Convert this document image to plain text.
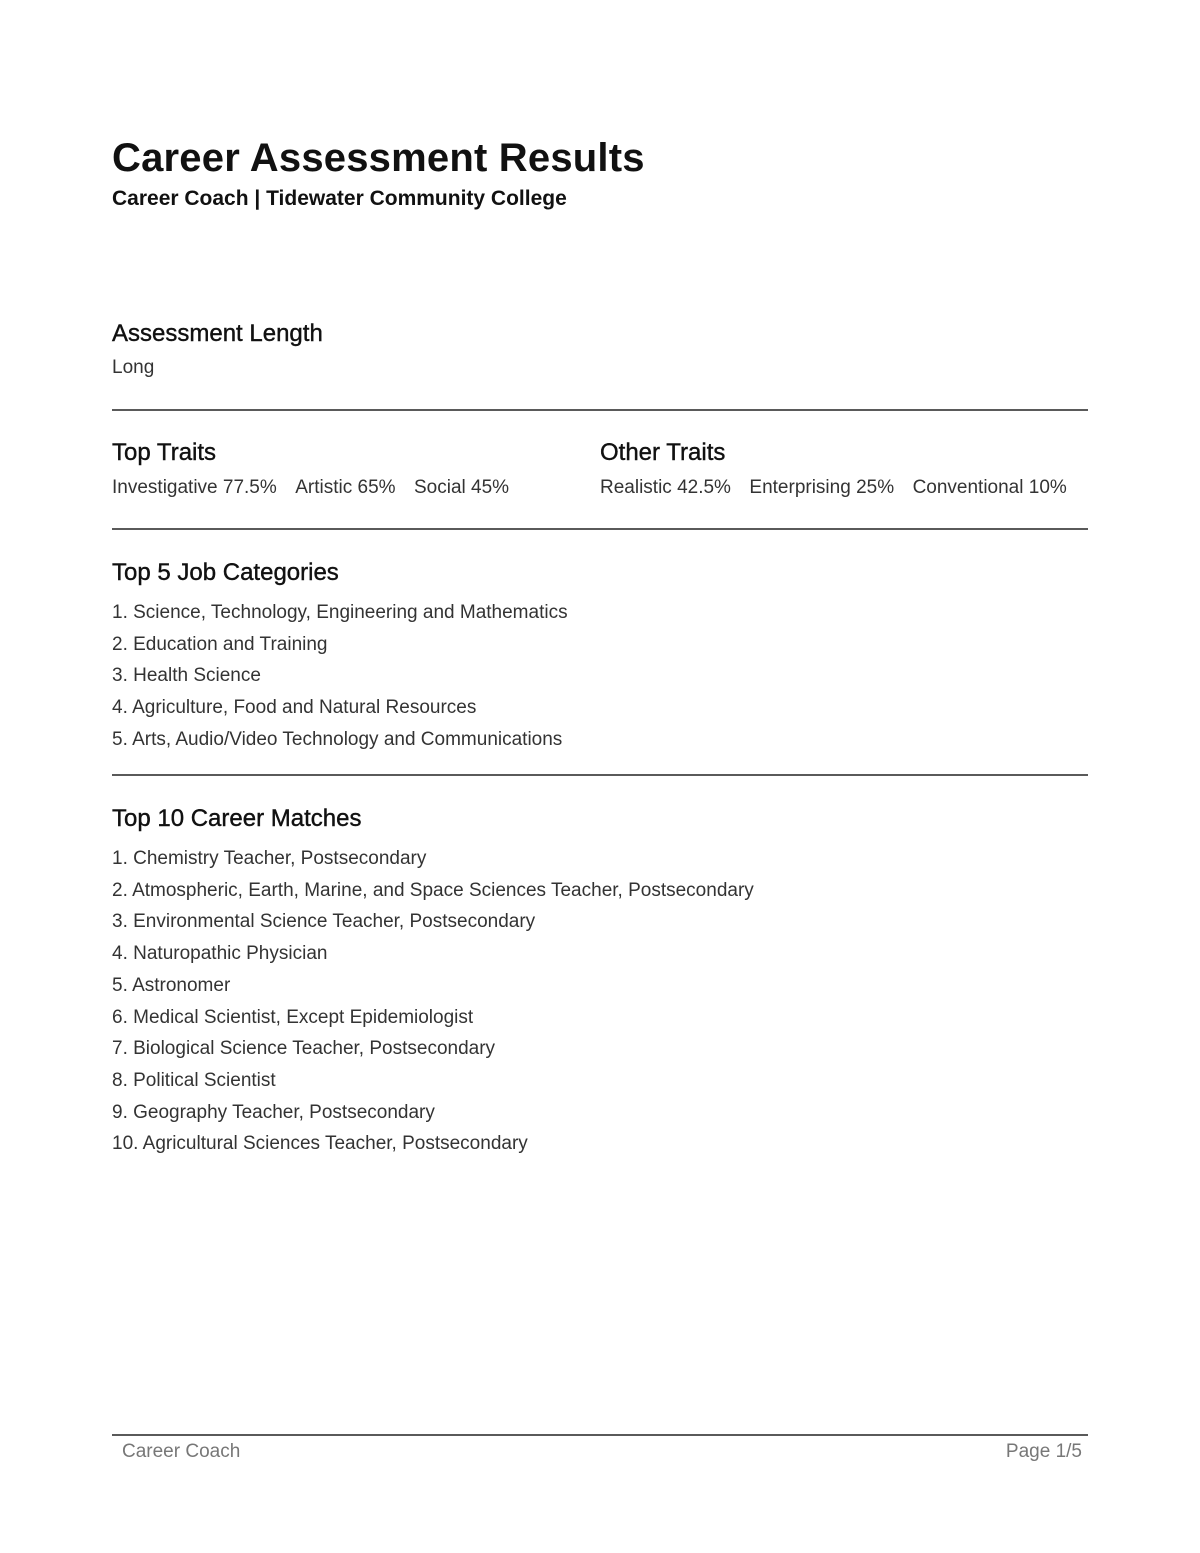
Career Assessment Results

Career Coach | Tidewater Community College

Assessment Length

Long

Top Traits
Investigative 77.5% Artistic 65% Social 45%
Other Traits
Realistic 42.5% Enterprising 25% Conventional 10%
Top 5 Job Categories
1. Science, Technology, Engineering and Mathematics
2. Education and Training
3. Health Science
4. Agriculture, Food and Natural Resources
5. Arts, Audio/Video Technology and Communications
Top 10 Career Matches
1. Chemistry Teacher, Postsecondary
2. Atmospheric, Earth, Marine, and Space Sciences Teacher, Postsecondary
3. Environmental Science Teacher, Postsecondary
4. Naturopathic Physician
5. Astronomer
6. Medical Scientist, Except Epidemiologist
7. Biological Science Teacher, Postsecondary
8. Political Scientist
9. Geography Teacher, Postsecondary
10. Agricultural Sciences Teacher, Postsecondary
Career Coach	Page 1/5
